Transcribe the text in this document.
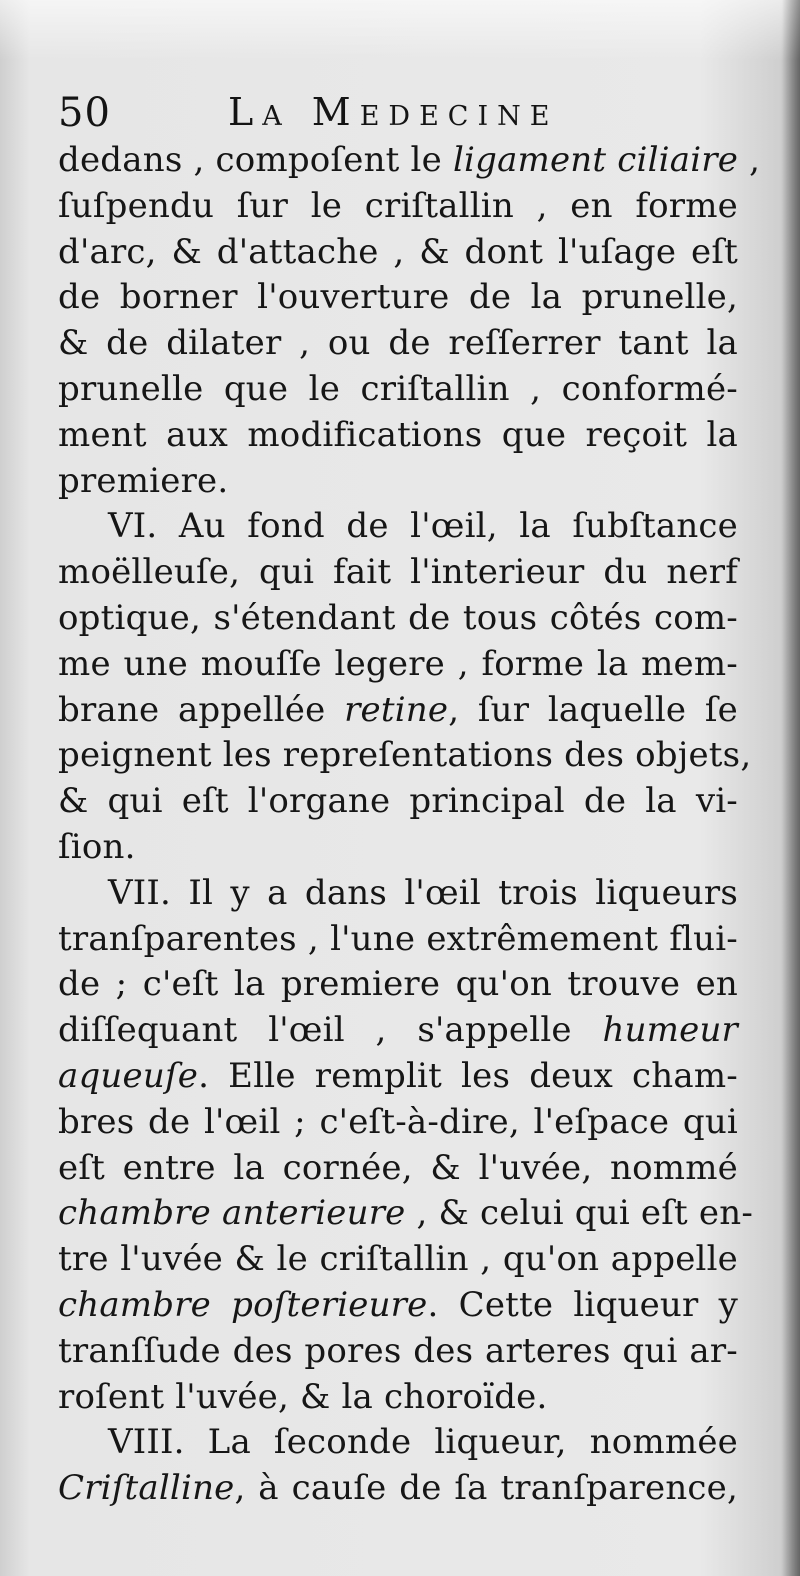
50	La Medecine
dedans , compoſent le ligament ciliaire ,
ſuſpendu ſur le criſtallin , en forme
d'arc, & d'attache , & dont l'uſage eſt
de borner l'ouverture de la prunelle,
& de dilater , ou de reſſerrer tant la
prunelle que le criſtallin , conformé-
ment aux modifications que reçoit la
premiere.
VI. Au fond de l'œil, la ſubſtance
moëlleuſe, qui fait l'interieur du nerf
optique, s'étendant de tous côtés com-
me une mouſſe legere , forme la mem-
brane appellée retine, ſur laquelle ſe
peignent les repreſentations des objets,
& qui eſt l'organe principal de la vi-
ſion.
VII. Il y a dans l'œil trois liqueurs
tranſparentes , l'une extrêmement flui-
de ; c'eſt la premiere qu'on trouve en
diſſequant l'œil , s'appelle humeur
aqueuſe. Elle remplit les deux cham-
bres de l'œil ; c'eſt-à-dire, l'eſpace qui
eſt entre la cornée, & l'uvée, nommé
chambre anterieure , & celui qui eſt en-
tre l'uvée & le criſtallin , qu'on appelle
chambre poſterieure. Cette liqueur y
tranſſude des pores des arteres qui ar-
roſent l'uvée, & la choroïde.
VIII. La ſeconde liqueur, nommée
Criſtalline, à cauſe de ſa tranſparence,
